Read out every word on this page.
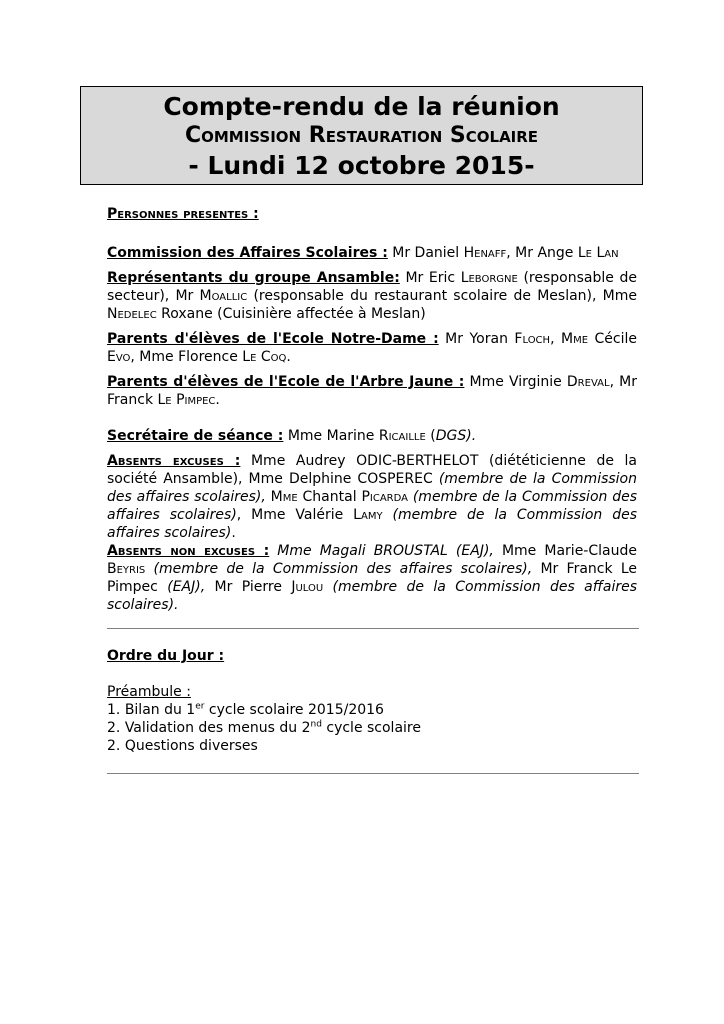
Compte-rendu de la réunion
Commission Restauration Scolaire
- Lundi 12 octobre 2015-
Personnes presentes :

Commission des Affaires Scolaires : Mr Daniel Henaff, Mr Ange Le Lan

Représentants du groupe Ansamble: Mr Eric Leborgne (responsable de secteur), Mr Moallic (responsable du restaurant scolaire de Meslan), Mme Nedelec Roxane (Cuisinière affectée à Meslan)

Parents d'élèves de l'Ecole Notre-Dame : Mr Yoran Floch, Mme Cécile Evo, Mme Florence Le Coq.

Parents d'élèves de l'Ecole de l'Arbre Jaune : Mme Virginie Dreval, Mr Franck Le Pimpec.

Secrétaire de séance : Mme Marine Ricaille (DGS).

Absents excuses : Mme Audrey ODIC-BERTHELOT (diététicienne de la société Ansamble), Mme Delphine COSPEREC (membre de la Commission des affaires scolaires), Mme Chantal Picarda (membre de la Commission des affaires scolaires), Mme Valérie Lamy (membre de la Commission des affaires scolaires).

Absents non excuses : Mme Magali BROUSTAL (EAJ), Mme Marie-Claude Beyris (membre de la Commission des affaires scolaires), Mr Franck Le Pimpec (EAJ), Mr Pierre Julou (membre de la Commission des affaires scolaires).

Ordre du Jour :

Préambule :

1. Bilan du 1er cycle scolaire 2015/2016

2. Validation des menus du 2nd cycle scolaire

2. Questions diverses
